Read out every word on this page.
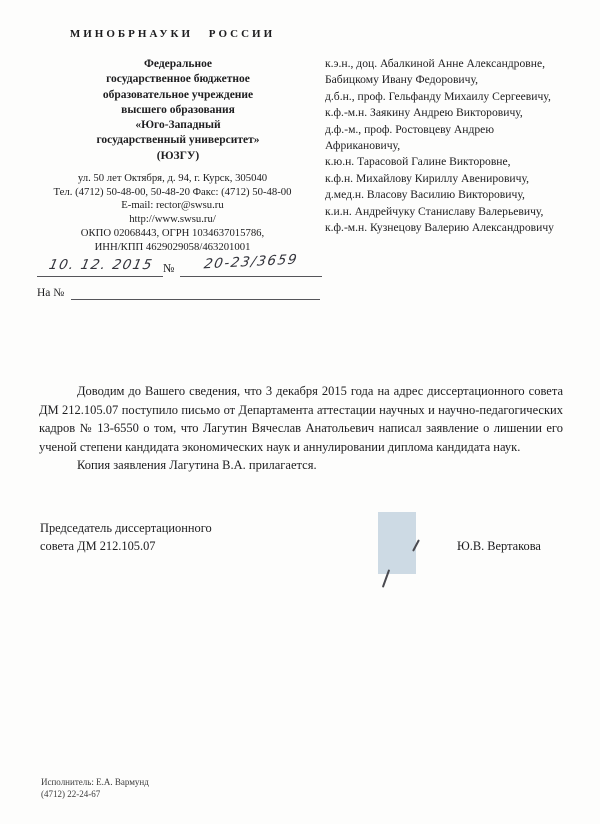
МИНОБРНАУКИ РОССИИ
Федеральное
государственное бюджетное
образовательное учреждение
высшего образования
«Юго-Западный
государственный университет»
(ЮЗГУ)
ул. 50 лет Октября, д. 94, г. Курск, 305040
Тел. (4712) 50-48-00, 50-48-20 Факс: (4712) 50-48-00
E-mail: rector@swsu.ru
http://www.swsu.ru/
ОКПО 02068443, ОГРН 1034637015786,
ИНН/КПП 4629029058/463201001
к.э.н., доц. Абалкиной Анне Александровне,
Бабицкому Ивану Федоровичу,
д.б.н., проф. Гельфанду Михаилу Сергеевичу,
к.ф.-м.н. Заякину Андрею Викторовичу,
д.ф.-м., проф. Ростовцеву Андрею
Африкановичу,
к.ю.н. Тарасовой Галине Викторовне,
к.ф.н. Михайлову Кириллу Авенировичу,
д.мед.н. Власову Василию Викторовичу,
к.и.н. Андрейчуку Станиславу Валерьевичу,
к.ф.-м.н. Кузнецову Валерию Александровичу
10. 12. 2015 №	20-23/3659
На №

Доводим до Вашего сведения, что 3 декабря 2015 года на адрес диссертационного совета ДМ 212.105.07 поступило письмо от Департамента аттестации научных и научно-педагогических кадров № 13-6550 о том, что Лагутин Вячеслав Анатольевич написал заявление о лишении его ученой степени кандидата экономических наук и аннулировании диплома кандидата наук.

Копия заявления Лагутина В.А. прилагается.

Председатель диссертационного
совета ДМ 212.105.07	Ю.В. Вертакова
Исполнитель: Е.А. Вармунд
(4712) 22-24-67
